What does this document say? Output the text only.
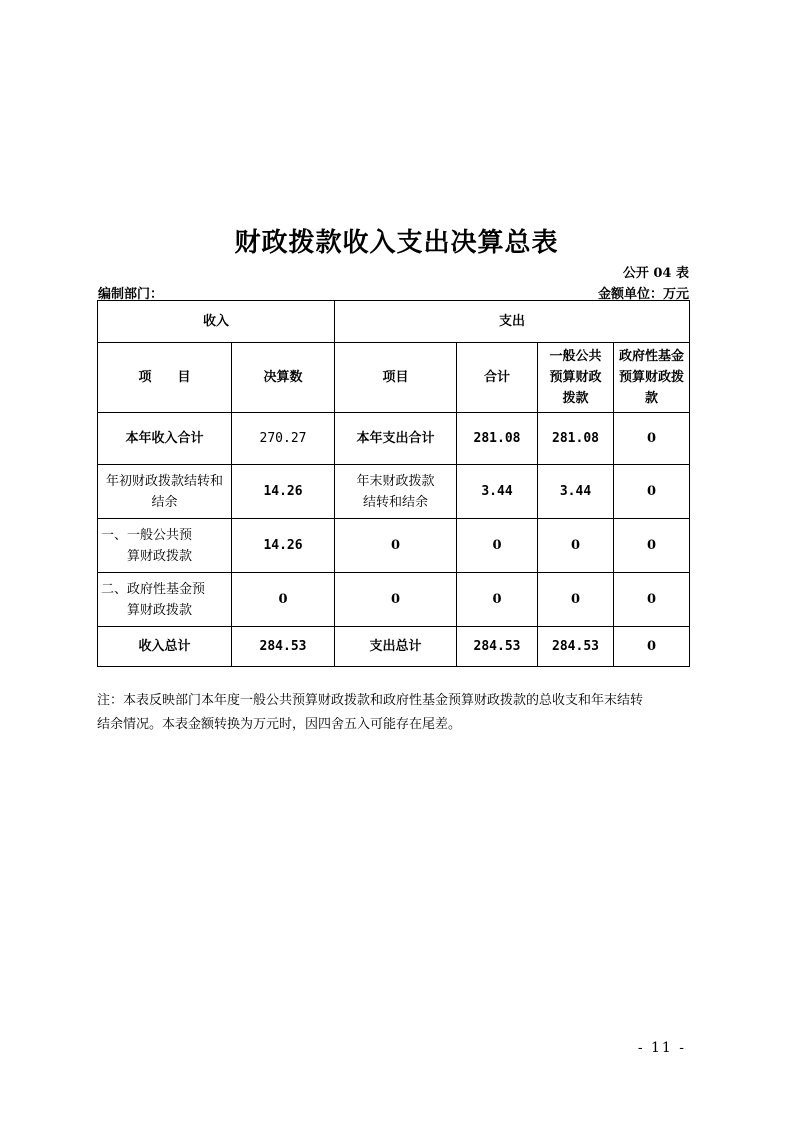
财政拨款收入支出决算总表
公开 04 表
编制部门：	金额单位：万元
收入		支出			
项　　目	决算数	项目	合计	一般公共
预算财政
拨款	政府性基金
预算财政拨
款
本年收入合计	270.27	本年支出合计	281.08	281.08	0
年初财政拨款结转和
结余	14.26	年末财政拨款
结转和结余	3.44	3.44	0
一、一般公共预
算财政拨款	14.26	0	0	0	0
二、政府性基金预
算财政拨款	0	0	0	0	0
收入总计	284.53	支出总计	284.53	284.53	0
注：本表反映部门本年度一般公共预算财政拨款和政府性基金预算财政拨款的总收支和年末结转
结余情况。本表金额转换为万元时，因四舍五入可能存在尾差。
- 11 -
